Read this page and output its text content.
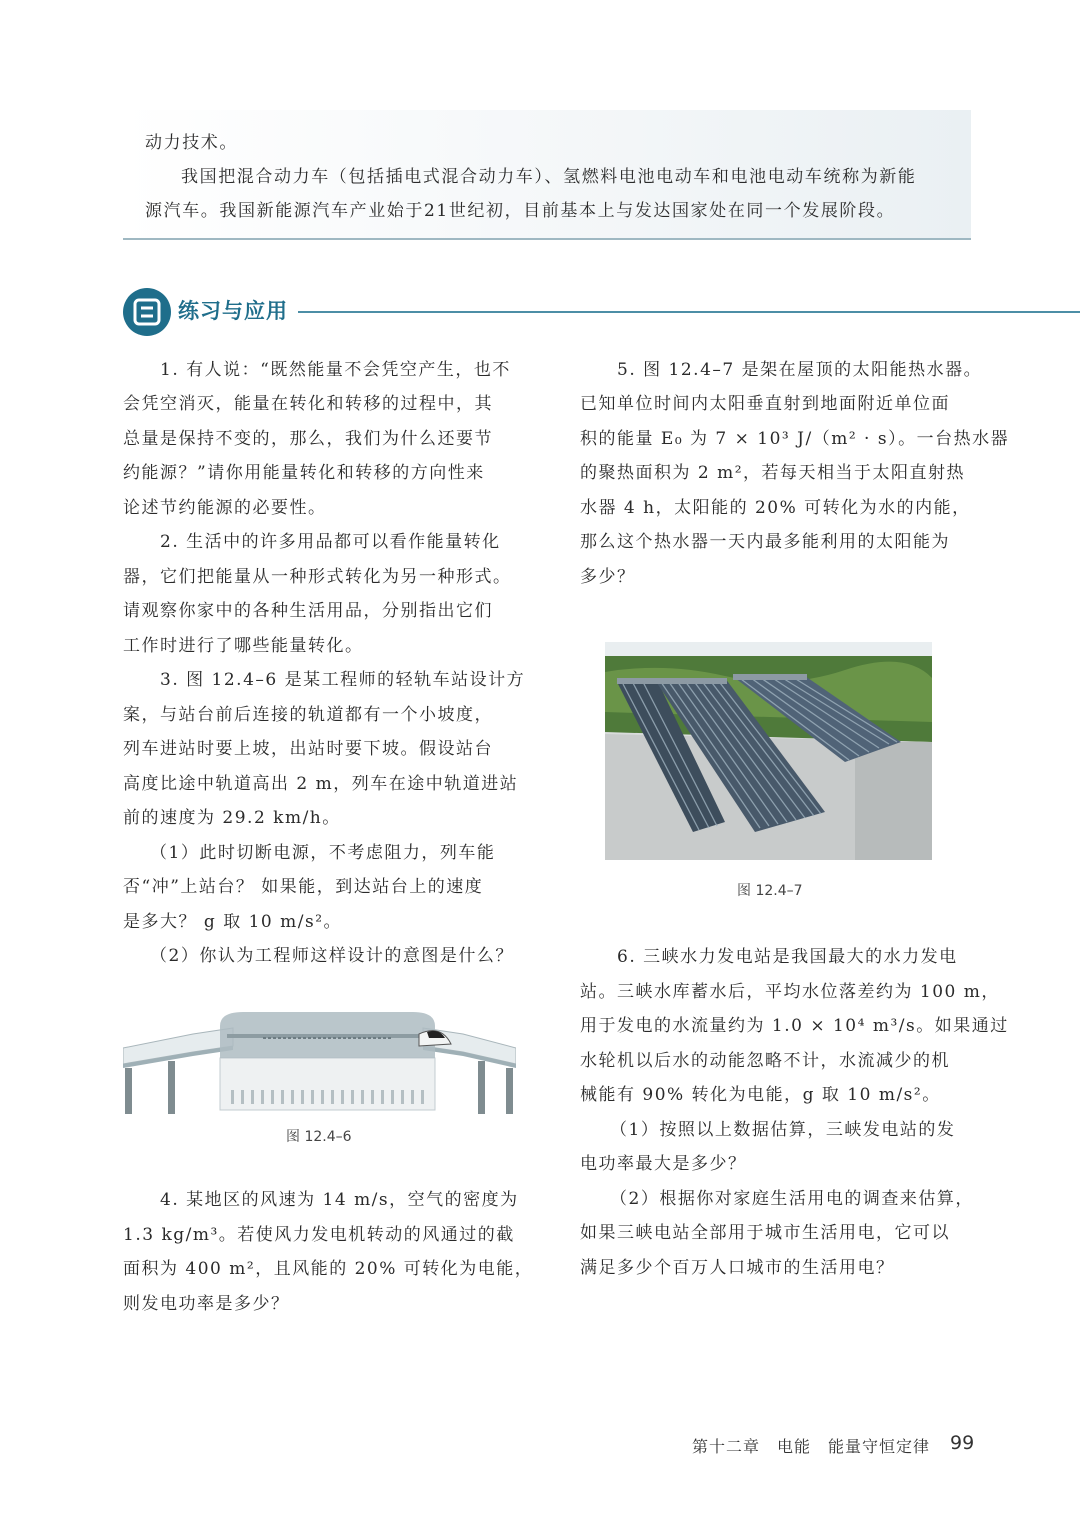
动力技术。
我国把混合动力车（包括插电式混合动力车）、氢燃料电池电动车和电池电动车统称为新能
源汽车。我国新能源汽车产业始于21世纪初，目前基本上与发达国家处在同一个发展阶段。
练习与应用
1. 有人说：“既然能量不会凭空产生，也不
会凭空消灭，能量在转化和转移的过程中，其
总量是保持不变的，那么，我们为什么还要节
约能源？”请你用能量转化和转移的方向性来
论述节约能源的必要性。
2. 生活中的许多用品都可以看作能量转化
器，它们把能量从一种形式转化为另一种形式。
请观察你家中的各种生活用品，分别指出它们
工作时进行了哪些能量转化。
3. 图 12.4–6 是某工程师的轻轨车站设计方
案，与站台前后连接的轨道都有一个小坡度，
列车进站时要上坡，出站时要下坡。假设站台
高度比途中轨道高出 2 m，列车在途中轨道进站
前的速度为 29.2 km/h。
（1）此时切断电源，不考虑阻力，列车能
否“冲”上站台？ 如果能，到达站台上的速度
是多大？ g 取 10 m/s²。
（2）你认为工程师这样设计的意图是什么？
图 12.4–6
4. 某地区的风速为 14 m/s，空气的密度为
1.3 kg/m³。若使风力发电机转动的风通过的截
面积为 400 m²，且风能的 20% 可转化为电能，
则发电功率是多少？
5. 图 12.4–7 是架在屋顶的太阳能热水器。
已知单位时间内太阳垂直射到地面附近单位面
积的能量 E₀ 为 7 × 10³ J/（m² · s）。一台热水器
的聚热面积为 2 m²，若每天相当于太阳直射热
水器 4 h，太阳能的 20% 可转化为水的内能，
那么这个热水器一天内最多能利用的太阳能为
多少？
图 12.4–7
6. 三峡水力发电站是我国最大的水力发电
站。三峡水库蓄水后，平均水位落差约为 100 m，
用于发电的水流量约为 1.0 × 10⁴ m³/s。如果通过
水轮机以后水的动能忽略不计，水流减少的机
械能有 90% 转化为电能，g 取 10 m/s²。
（1）按照以上数据估算，三峡发电站的发
电功率最大是多少？
（2）根据你对家庭生活用电的调查来估算，
如果三峡电站全部用于城市生活用电，它可以
满足多少个百万人口城市的生活用电？
第十二章　电能　能量守恒定律 99
